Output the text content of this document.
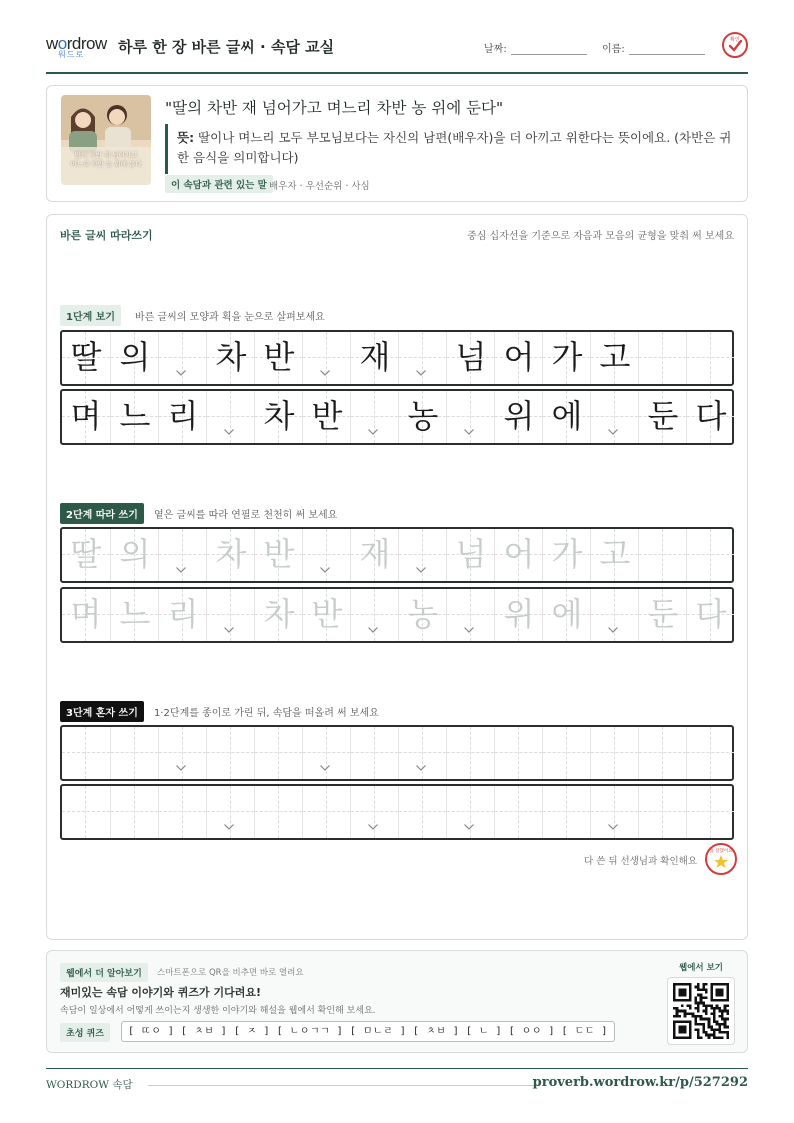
wordrow
워드로	하루 한 장 바른 글씨 · 속담 교실	날짜:	이름:
확인
딸의 차반 재 넘어가고
며느리 차반 농 위에 둔다
"딸의 차반 재 넘어가고 며느리 차반 농 위에 둔다"
뜻: 딸이나 며느리 모두 부모님보다는 자신의 남편(배우자)을 더 아끼고 위한다는 뜻이에요. (차반은 귀한 음식을 의미합니다)
이 속담과 관련 있는 말 배우자 · 우선순위 · 사심
바른 글씨 따라쓰기	중심 십자선을 기준으로 자음과 모음의 균형을 맞춰 써 보세요
1단계 보기	바른 글씨의 모양과 획을 눈으로 살펴보세요
딸 의 차 반 재 넘 어 가 고
며 느 리 차 반 농 위 에 둔 다
2단계 따라 쓰기	옅은 글씨를 따라 연필로 천천히 써 보세요
딸 의 차 반 재 넘 어 가 고
며 느 리 차 반 농 위 에 둔 다
3단계 혼자 쓰기	1·2단계를 종이로 가린 뒤, 속담을 떠올려 써 보세요
다 쓴 뒤 선생님과 확인해요
참 잘했어요
웹에서 더 알아보기	스마트폰으로 QR을 비추면 바로 열려요
재미있는 속담 이야기와 퀴즈가 기다려요!
속담이 일상에서 어떻게 쓰이는지 생생한 이야기와 해설을 웹에서 확인해 보세요.
초성 퀴즈	[ ㄸㅇ ] [ ㅊㅂ ] [ ㅈ ] [ ㄴㅇㄱㄱ ] [ ㅁㄴㄹ ] [ ㅊㅂ ] [ ㄴ ] [ ㅇㅇ ] [ ㄷㄷ ]
웹에서 보기
WORDROW 속담	proverb.wordrow.kr/p/527292
